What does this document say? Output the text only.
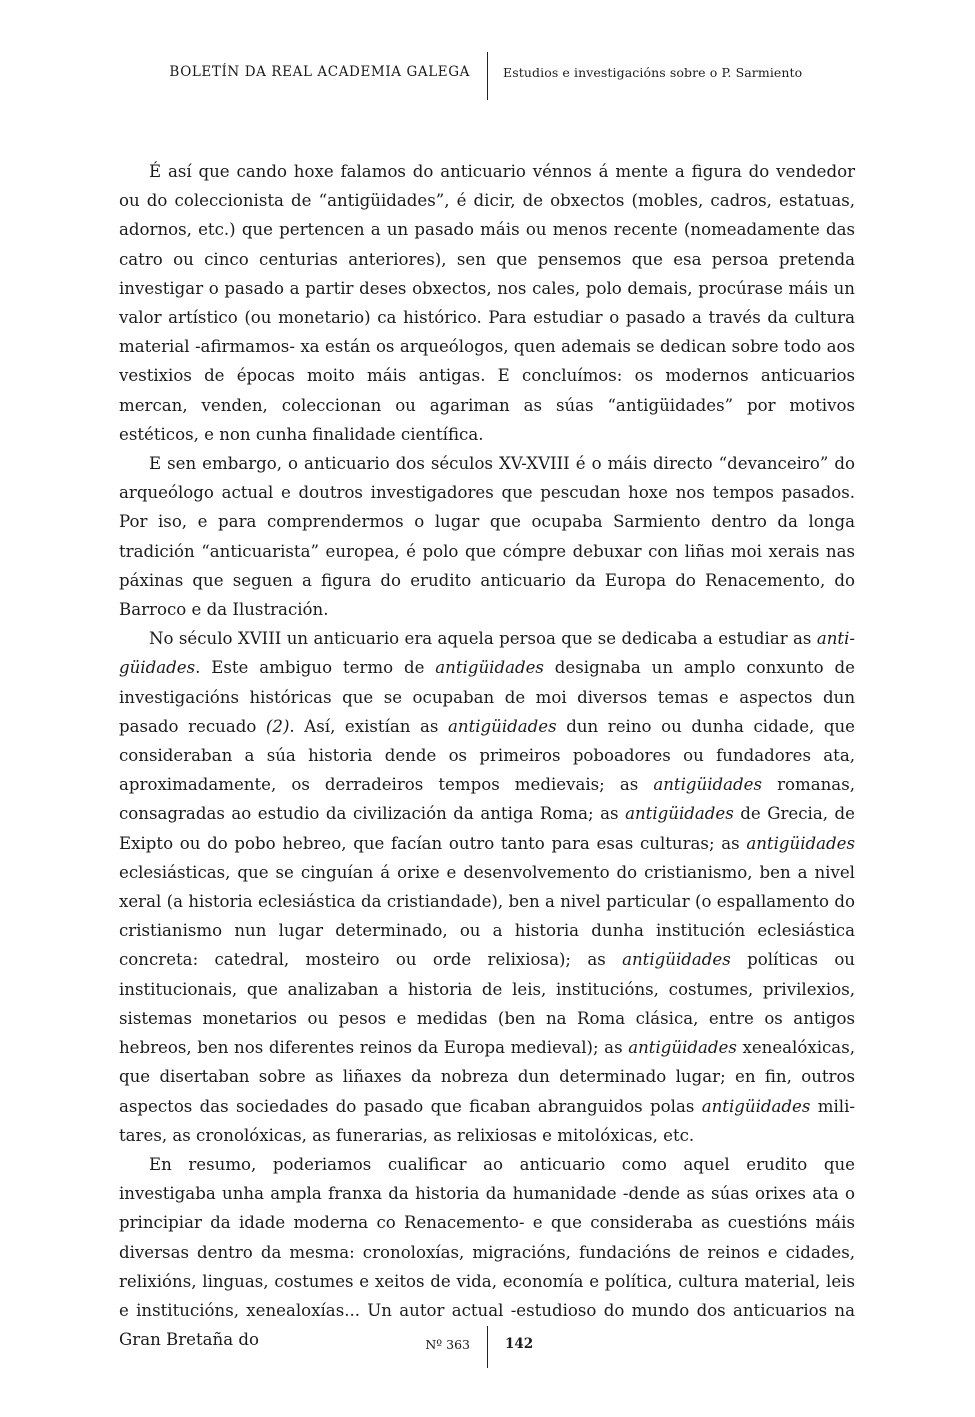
BOLETÍN DA REAL ACADEMIA GALEGA	Estudios e investigacións sobre o P. Sarmiento

É así que cando hoxe falamos do anticuario vénnos á mente a figura do vendedor ou do coleccionista de “antigüidades”, é dicir, de obxectos (mobles, cadros, estatuas, adornos, etc.) que pertencen a un pasado máis ou menos recente (nomeadamente das catro ou cinco centurias anteriores), sen que pensemos que esa persoa pretenda investigar o pasado a partir deses obxectos, nos cales, polo demais, procúrase máis un valor artístico (ou monetario) ca histórico. Para estudiar o pasado a través da cultura material -afirmamos- xa están os arqueólogos, quen ademais se dedican sobre todo aos vestixios de épocas moito máis antigas. E concluímos: os modernos anticuarios mercan, venden, coleccionan ou agariman as súas “antigüidades” por motivos estéticos, e non cunha finalidade científica.

E sen embargo, o anticuario dos séculos XV-XVIII é o máis directo “devanceiro” do arqueólogo actual e doutros investigadores que pescudan hoxe nos tempos pasados. Por iso, e para comprendermos o lugar que ocupaba Sarmiento dentro da longa tradición “anticuarista” europea, é polo que cómpre debuxar con liñas moi xerais nas páxinas que seguen a figura do erudito anticuario da Europa do Renacemento, do Barroco e da Ilustración.

No século XVIII un anticuario era aquela persoa que se dedicaba a estudiar as antigüidades. Este ambiguo termo de antigüidades designaba un amplo conxunto de investigacións históricas que se ocupaban de moi diversos temas e aspectos dun pasado recuado (2). Así, existían as antigüidades dun reino ou dunha cidade, que consideraban a súa historia dende os primeiros poboadores ou fundadores ata, aproximadamente, os derradeiros tempos medievais; as antigüidades romanas, consagradas ao estudio da civilización da antiga Roma; as antigüidades de Grecia, de Exipto ou do pobo hebreo, que facían outro tanto para esas culturas; as antigüidades eclesiásticas, que se cinguían á orixe e desenvolvemento do cristianismo, ben a nivel xeral (a historia eclesiástica da cristiandade), ben a nivel particular (o espallamento do cristianismo nun lugar determinado, ou a historia dunha institución eclesiástica concreta: catedral, mosteiro ou orde relixiosa); as antigüidades políticas ou institucionais, que analizaban a historia de leis, institucións, costumes, privilexios, sistemas monetarios ou pesos e medidas (ben na Roma clásica, entre os antigos hebreos, ben nos diferentes reinos da Europa medieval); as antigüidades xenealóxicas, que disertaban sobre as liñaxes da nobreza dun determinado lugar; en fin, outros aspectos das sociedades do pasado que ficaban abranguidos polas antigüidades militares, as cronolóxicas, as funerarias, as relixiosas e mitolóxicas, etc.

En resumo, poderiamos cualificar ao anticuario como aquel erudito que investigaba unha ampla franxa da historia da humanidade -dende as súas orixes ata o principiar da idade moderna co Renacemento- e que consideraba as cuestións máis diversas dentro da mesma: cronoloxías, migracións, fundacións de reinos e cidades, relixións, linguas, costumes e xeitos de vida, economía e política, cultura material, leis e institucións, xenealoxías... Un autor actual -estudioso do mundo dos anticuarios na Gran Bretaña do	Nº 363	142
